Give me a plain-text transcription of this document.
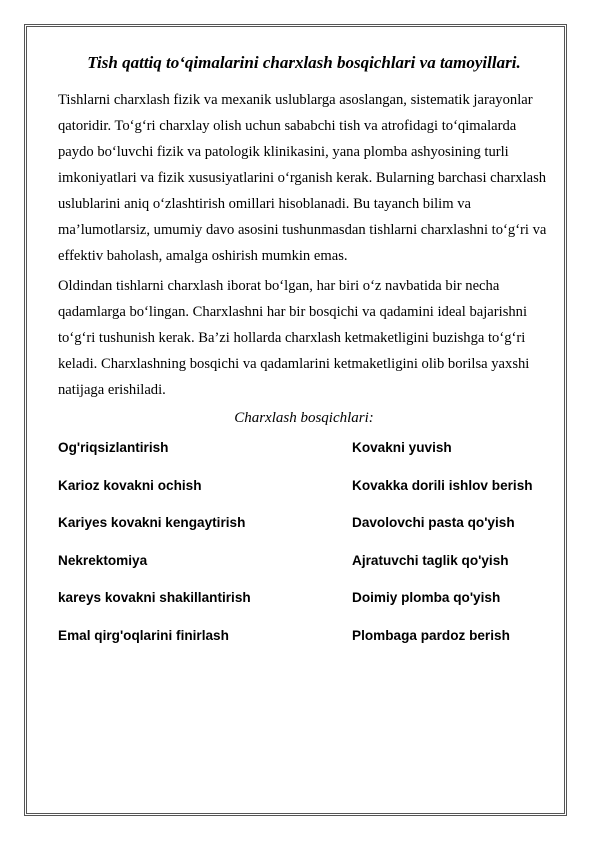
Tish qattiq to‘qimalarini charxlash bosqichlari va tamoyillari.

Tishlarni charxlash fizik va mexanik uslublarga asoslangan, sistematik jarayonlar qatoridir. To‘g‘ri charxlay olish uchun sababchi tish va atrofidagi to‘qimalarda paydo bo‘luvchi fizik va patologik klinikasini, yana plomba ashyosining turli imkoniyatlari va fizik xususiyatlarini o‘rganish kerak. Bularning barchasi charxlash uslublarini aniq o‘zlashtirish omillari hisoblanadi. Bu tayanch bilim va ma’lumotlarsiz, umumiy davo asosini tushunmasdan tishlarni charxlashni to‘g‘ri va effektiv baholash, amalga oshirish mumkin emas.

Oldindan tishlarni charxlash iborat bo‘lgan, har biri o‘z navbatida bir necha qadamlarga bo‘lingan. Charxlashni har bir bosqichi va qadamini ideal bajarishni to‘g‘ri tushunish kerak. Ba’zi hollarda charxlash ketmaketligini buzishga to‘g‘ri keladi. Charxlashning bosqichi va qadamlarini ketmaketligini olib borilsa yaxshi natijaga erishiladi.

Charxlash bosqichlari:
Og'riqsizlantirish	Kovakni yuvish
Karioz kovakni ochish	Kovakka dorili ishlov berish
Kariyes kovakni kengaytirish	Davolovchi pasta qo'yish
Nekrektomiya	Ajratuvchi taglik qo'yish
kareys kovakni shakillantirish	Doimiy plomba qo'yish
Emal qirg'oqlarini finirlash	Plombaga pardoz berish
